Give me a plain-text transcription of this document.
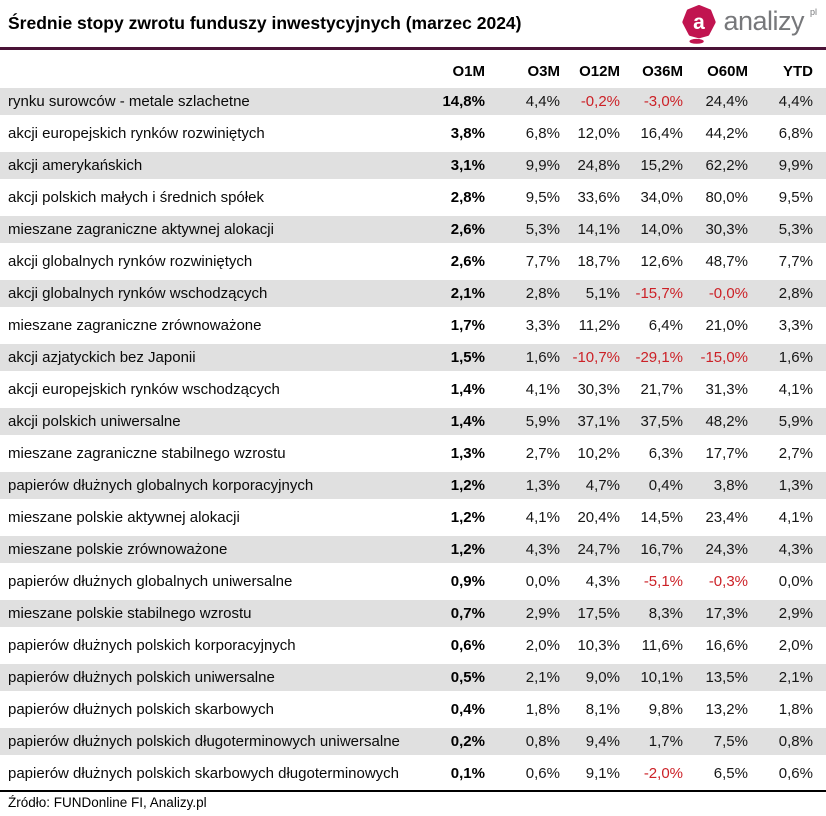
Średnie stopy zwrotu funduszy inwestycyjnych (marzec 2024)	a analizy pl
O1M	O3M	O12M	O36M	O60M	YTD
rynku surowców - metale szlachetne	14,8%	4,4%	-0,2%	-3,0%	24,4%	4,4%
akcji europejskich rynków rozwiniętych	3,8%	6,8%	12,0%	16,4%	44,2%	6,8%
akcji amerykańskich	3,1%	9,9%	24,8%	15,2%	62,2%	9,9%
akcji polskich małych i średnich spółek	2,8%	9,5%	33,6%	34,0%	80,0%	9,5%
mieszane zagraniczne aktywnej alokacji	2,6%	5,3%	14,1%	14,0%	30,3%	5,3%
akcji globalnych rynków rozwiniętych	2,6%	7,7%	18,7%	12,6%	48,7%	7,7%
akcji globalnych rynków wschodzących	2,1%	2,8%	5,1%	-15,7%	-0,0%	2,8%
mieszane zagraniczne zrównoważone	1,7%	3,3%	11,2%	6,4%	21,0%	3,3%
akcji azjatyckich bez Japonii	1,5%	1,6% -10,7%	-29,1%	-15,0%	1,6%
akcji europejskich rynków wschodzących	1,4%	4,1%	30,3%	21,7%	31,3%	4,1%
akcji polskich uniwersalne	1,4%	5,9%	37,1%	37,5%	48,2%	5,9%
mieszane zagraniczne stabilnego wzrostu	1,3%	2,7%	10,2%	6,3%	17,7%	2,7%
papierów dłużnych globalnych korporacyjnych	1,2%	1,3%	4,7%	0,4%	3,8%	1,3%
mieszane polskie aktywnej alokacji	1,2%	4,1%	20,4%	14,5%	23,4%	4,1%
mieszane polskie zrównoważone	1,2%	4,3%	24,7%	16,7%	24,3%	4,3%
papierów dłużnych globalnych uniwersalne	0,9%	0,0%	4,3%	-5,1%	-0,3%	0,0%
mieszane polskie stabilnego wzrostu	0,7%	2,9%	17,5%	8,3%	17,3%	2,9%
papierów dłużnych polskich korporacyjnych	0,6%	2,0%	10,3%	11,6%	16,6%	2,0%
papierów dłużnych polskich uniwersalne	0,5%	2,1%	9,0%	10,1%	13,5%	2,1%
papierów dłużnych polskich skarbowych	0,4%	1,8%	8,1%	9,8%	13,2%	1,8%
papierów dłużnych polskich długoterminowych uniwersalne	0,2%	0,8%	9,4%	1,7%	7,5%	0,8%
papierów dłużnych polskich skarbowych długoterminowych	0,1%	0,6%	9,1%	-2,0%	6,5%	0,6%
Źródło: FUNDonline FI, Analizy.pl
